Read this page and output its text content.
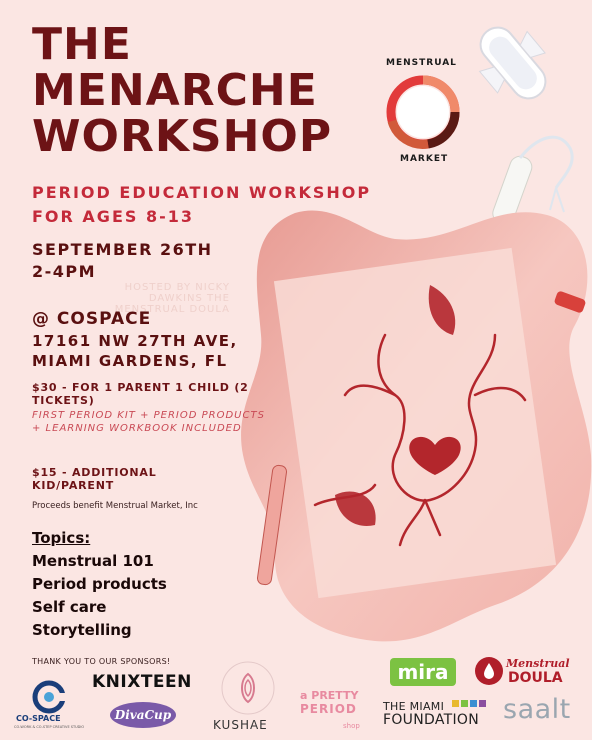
THE
MENARCHE
WORKSHOP
MENSTRUAL
MARKET
PERIOD EDUCATION WORKSHOP
FOR AGES 8-13
SEPTEMBER 26TH
2-4PM
HOSTED BY NICKY DAWKINS THE MENSTRUAL DOULA
@ COSPACE
17161 NW 27TH AVE,
MIAMI GARDENS, FL
$30 - FOR 1 PARENT 1 CHILD (2 TICKETS)
FIRST PERIOD KIT + PERIOD PRODUCTS + LEARNING WORKBOOK INCLUDED
$15 - ADDITIONAL KID/PARENT
Proceeds benefit Menstrual Market, Inc
Topics:
Menstrual 101
Period products
Self care
Storytelling
THANK YOU TO OUR SPONSORS!
CO-SPACE
CO-WORK & CO-STEP CREATIVE STUDIO
KNIXTEEN
DivaCup
KUSHAE
a PRETTY
PERIOD
shop
mira
THE MIAMI
FOUNDATION
Menstrual
DOULA
saalt
